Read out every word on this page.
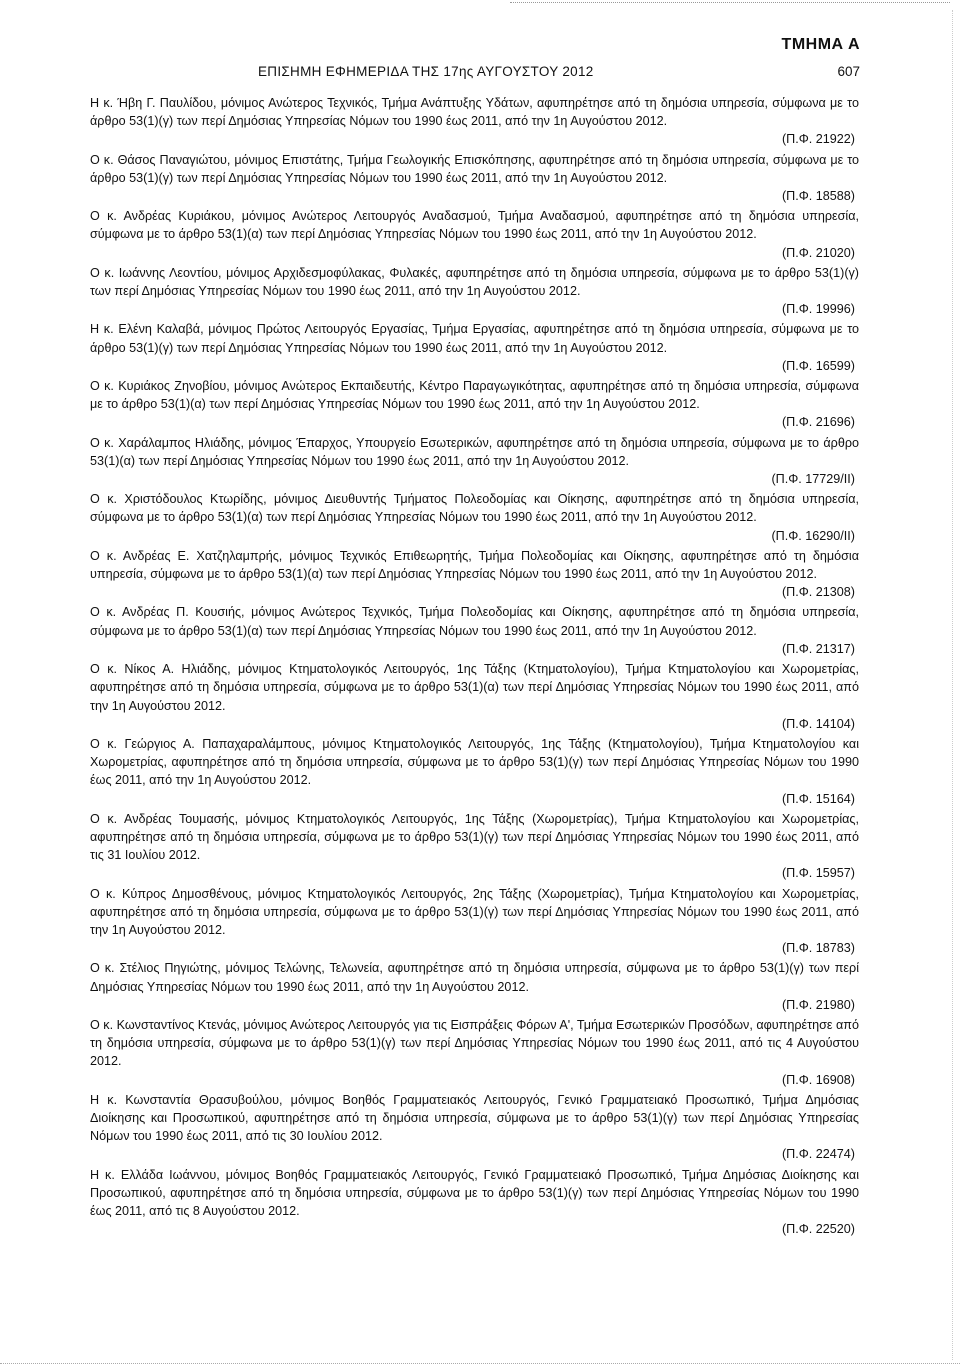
ΤΜΗΜΑ Α
ΕΠΙΣΗΜΗ ΕΦΗΜΕΡΙΔΑ ΤΗΣ 17ης ΑΥΓΟΥΣΤΟΥ 2012	607
Η κ. Ήβη Γ. Παυλίδου, μόνιμος Ανώτερος Τεχνικός, Τμήμα Ανάπτυξης Υδάτων, αφυπηρέτησε από τη δημόσια υπηρεσία, σύμφωνα με το άρθρο 53(1)(γ) των περί Δημόσιας Υπηρεσίας Νόμων του 1990 έως 2011, από την 1η Αυγούστου 2012.
(Π.Φ. 21922)
Ο κ. Θάσος Παναγιώτου, μόνιμος Επιστάτης, Τμήμα Γεωλογικής Επισκόπησης, αφυπηρέτησε από τη δημόσια υπηρεσία, σύμφωνα με το άρθρο 53(1)(γ) των περί Δημόσιας Υπηρεσίας Νόμων του 1990 έως 2011, από την 1η Αυγούστου 2012.
(Π.Φ. 18588)
Ο κ. Ανδρέας Κυριάκου, μόνιμος Ανώτερος Λειτουργός Αναδασμού, Τμήμα Αναδασμού, αφυπηρέτησε από τη δημόσια υπηρεσία, σύμφωνα με το άρθρο 53(1)(α) των περί Δημόσιας Υπηρεσίας Νόμων του 1990 έως 2011, από την 1η Αυγούστου 2012.
(Π.Φ. 21020)
Ο κ. Ιωάννης Λεοντίου, μόνιμος Αρχιδεσμοφύλακας, Φυλακές, αφυπηρέτησε από τη δημόσια υπηρεσία, σύμφωνα με το άρθρο 53(1)(γ) των περί Δημόσιας Υπηρεσίας Νόμων του 1990 έως 2011, από την 1η Αυγούστου 2012.
(Π.Φ. 19996)
Η κ. Ελένη Καλαβά, μόνιμος Πρώτος Λειτουργός Εργασίας, Τμήμα Εργασίας, αφυπηρέτησε από τη δημόσια υπηρεσία, σύμφωνα με το άρθρο 53(1)(γ) των περί Δημόσιας Υπηρεσίας Νόμων του 1990 έως 2011, από την 1η Αυγούστου 2012.
(Π.Φ. 16599)
Ο κ. Κυριάκος Ζηνοβίου, μόνιμος Ανώτερος Εκπαιδευτής, Κέντρο Παραγωγικότητας, αφυπηρέτησε από τη δημόσια υπηρεσία, σύμφωνα με το άρθρο 53(1)(α) των περί Δημόσιας Υπηρεσίας Νόμων του 1990 έως 2011, από την 1η Αυγούστου 2012.
(Π.Φ. 21696)
Ο κ. Χαράλαμπος Ηλιάδης, μόνιμος Έπαρχος, Υπουργείο Εσωτερικών, αφυπηρέτησε από τη δημόσια υπηρεσία, σύμφωνα με το άρθρο 53(1)(α) των περί Δημόσιας Υπηρεσίας Νόμων του 1990 έως 2011, από την 1η Αυγούστου 2012.
(Π.Φ. 17729/ΙΙ)
Ο κ. Χριστόδουλος Κτωρίδης, μόνιμος Διευθυντής Τμήματος Πολεοδομίας και Οίκησης, αφυπηρέτησε από τη δημόσια υπηρεσία, σύμφωνα με το άρθρο 53(1)(α) των περί Δημόσιας Υπηρεσίας Νόμων του 1990 έως 2011, από την 1η Αυγούστου 2012.
(Π.Φ. 16290/ΙΙ)
Ο κ. Ανδρέας Ε. Χατζηλαμπρής, μόνιμος Τεχνικός Επιθεωρητής, Τμήμα Πολεοδομίας και Οίκησης, αφυπηρέτησε από τη δημόσια υπηρεσία, σύμφωνα με το άρθρο 53(1)(α) των περί Δημόσιας Υπηρεσίας Νόμων του 1990 έως 2011, από την 1η Αυγούστου 2012.
(Π.Φ. 21308)
Ο κ. Ανδρέας Π. Κουσιής, μόνιμος Ανώτερος Τεχνικός, Τμήμα Πολεοδομίας και Οίκησης, αφυπηρέτησε από τη δημόσια υπηρεσία, σύμφωνα με το άρθρο 53(1)(α) των περί Δημόσιας Υπηρεσίας Νόμων του 1990 έως 2011, από την 1η Αυγούστου 2012.
(Π.Φ. 21317)
Ο κ. Νίκος Α. Ηλιάδης, μόνιμος Κτηματολογικός Λειτουργός, 1ης Τάξης (Κτηματολογίου), Τμήμα Κτηματολογίου και Χωρομετρίας, αφυπηρέτησε από τη δημόσια υπηρεσία, σύμφωνα με το άρθρο 53(1)(α) των περί Δημόσιας Υπηρεσίας Νόμων του 1990 έως 2011, από την 1η Αυγούστου 2012.
(Π.Φ. 14104)
Ο κ. Γεώργιος Α. Παπαχαραλάμπους, μόνιμος Κτηματολογικός Λειτουργός, 1ης Τάξης (Κτηματολογίου), Τμήμα Κτηματολογίου και Χωρομετρίας, αφυπηρέτησε από τη δημόσια υπηρεσία, σύμφωνα με το άρθρο 53(1)(γ) των περί Δημόσιας Υπηρεσίας Νόμων του 1990 έως 2011, από την 1η Αυγούστου 2012.
(Π.Φ. 15164)
Ο κ. Ανδρέας Τουμασής, μόνιμος Κτηματολογικός Λειτουργός, 1ης Τάξης (Χωρομετρίας), Τμήμα Κτηματολογίου και Χωρομετρίας, αφυπηρέτησε από τη δημόσια υπηρεσία, σύμφωνα με το άρθρο 53(1)(γ) των περί Δημόσιας Υπηρεσίας Νόμων του 1990 έως 2011, από τις 31 Ιουλίου 2012.
(Π.Φ. 15957)
Ο κ. Κύπρος Δημοσθένους, μόνιμος Κτηματολογικός Λειτουργός, 2ης Τάξης (Χωρομετρίας), Τμήμα Κτηματολογίου και Χωρομετρίας, αφυπηρέτησε από τη δημόσια υπηρεσία, σύμφωνα με το άρθρο 53(1)(γ) των περί Δημόσιας Υπηρεσίας Νόμων του 1990 έως 2011, από την 1η Αυγούστου 2012.
(Π.Φ. 18783)
Ο κ. Στέλιος Πηγιώτης, μόνιμος Τελώνης, Τελωνεία, αφυπηρέτησε από τη δημόσια υπηρεσία, σύμφωνα με το άρθρο 53(1)(γ) των περί Δημόσιας Υπηρεσίας Νόμων του 1990 έως 2011, από την 1η Αυγούστου 2012.
(Π.Φ. 21980)
Ο κ. Κωνσταντίνος Κτενάς, μόνιμος Ανώτερος Λειτουργός για τις Εισπράξεις Φόρων Α', Τμήμα Εσωτερικών Προσόδων, αφυπηρέτησε από τη δημόσια υπηρεσία, σύμφωνα με το άρθρο 53(1)(γ) των περί Δημόσιας Υπηρεσίας Νόμων του 1990 έως 2011, από τις 4 Αυγούστου 2012.
(Π.Φ. 16908)
Η κ. Κωνσταντία Θρασυβούλου, μόνιμος Βοηθός Γραμματειακός Λειτουργός, Γενικό Γραμματειακό Προσωπικό, Τμήμα Δημόσιας Διοίκησης και Προσωπικού, αφυπηρέτησε από τη δημόσια υπηρεσία, σύμφωνα με το άρθρο 53(1)(γ) των περί Δημόσιας Υπηρεσίας Νόμων του 1990 έως 2011, από τις 30 Ιουλίου 2012.
(Π.Φ. 22474)
Η κ. Ελλάδα Ιωάννου, μόνιμος Βοηθός Γραμματειακός Λειτουργός, Γενικό Γραμματειακό Προσωπικό, Τμήμα Δημόσιας Διοίκησης και Προσωπικού, αφυπηρέτησε από τη δημόσια υπηρεσία, σύμφωνα με το άρθρο 53(1)(γ) των περί Δημόσιας Υπηρεσίας Νόμων του 1990 έως 2011, από τις 8 Αυγούστου 2012.
(Π.Φ. 22520)
